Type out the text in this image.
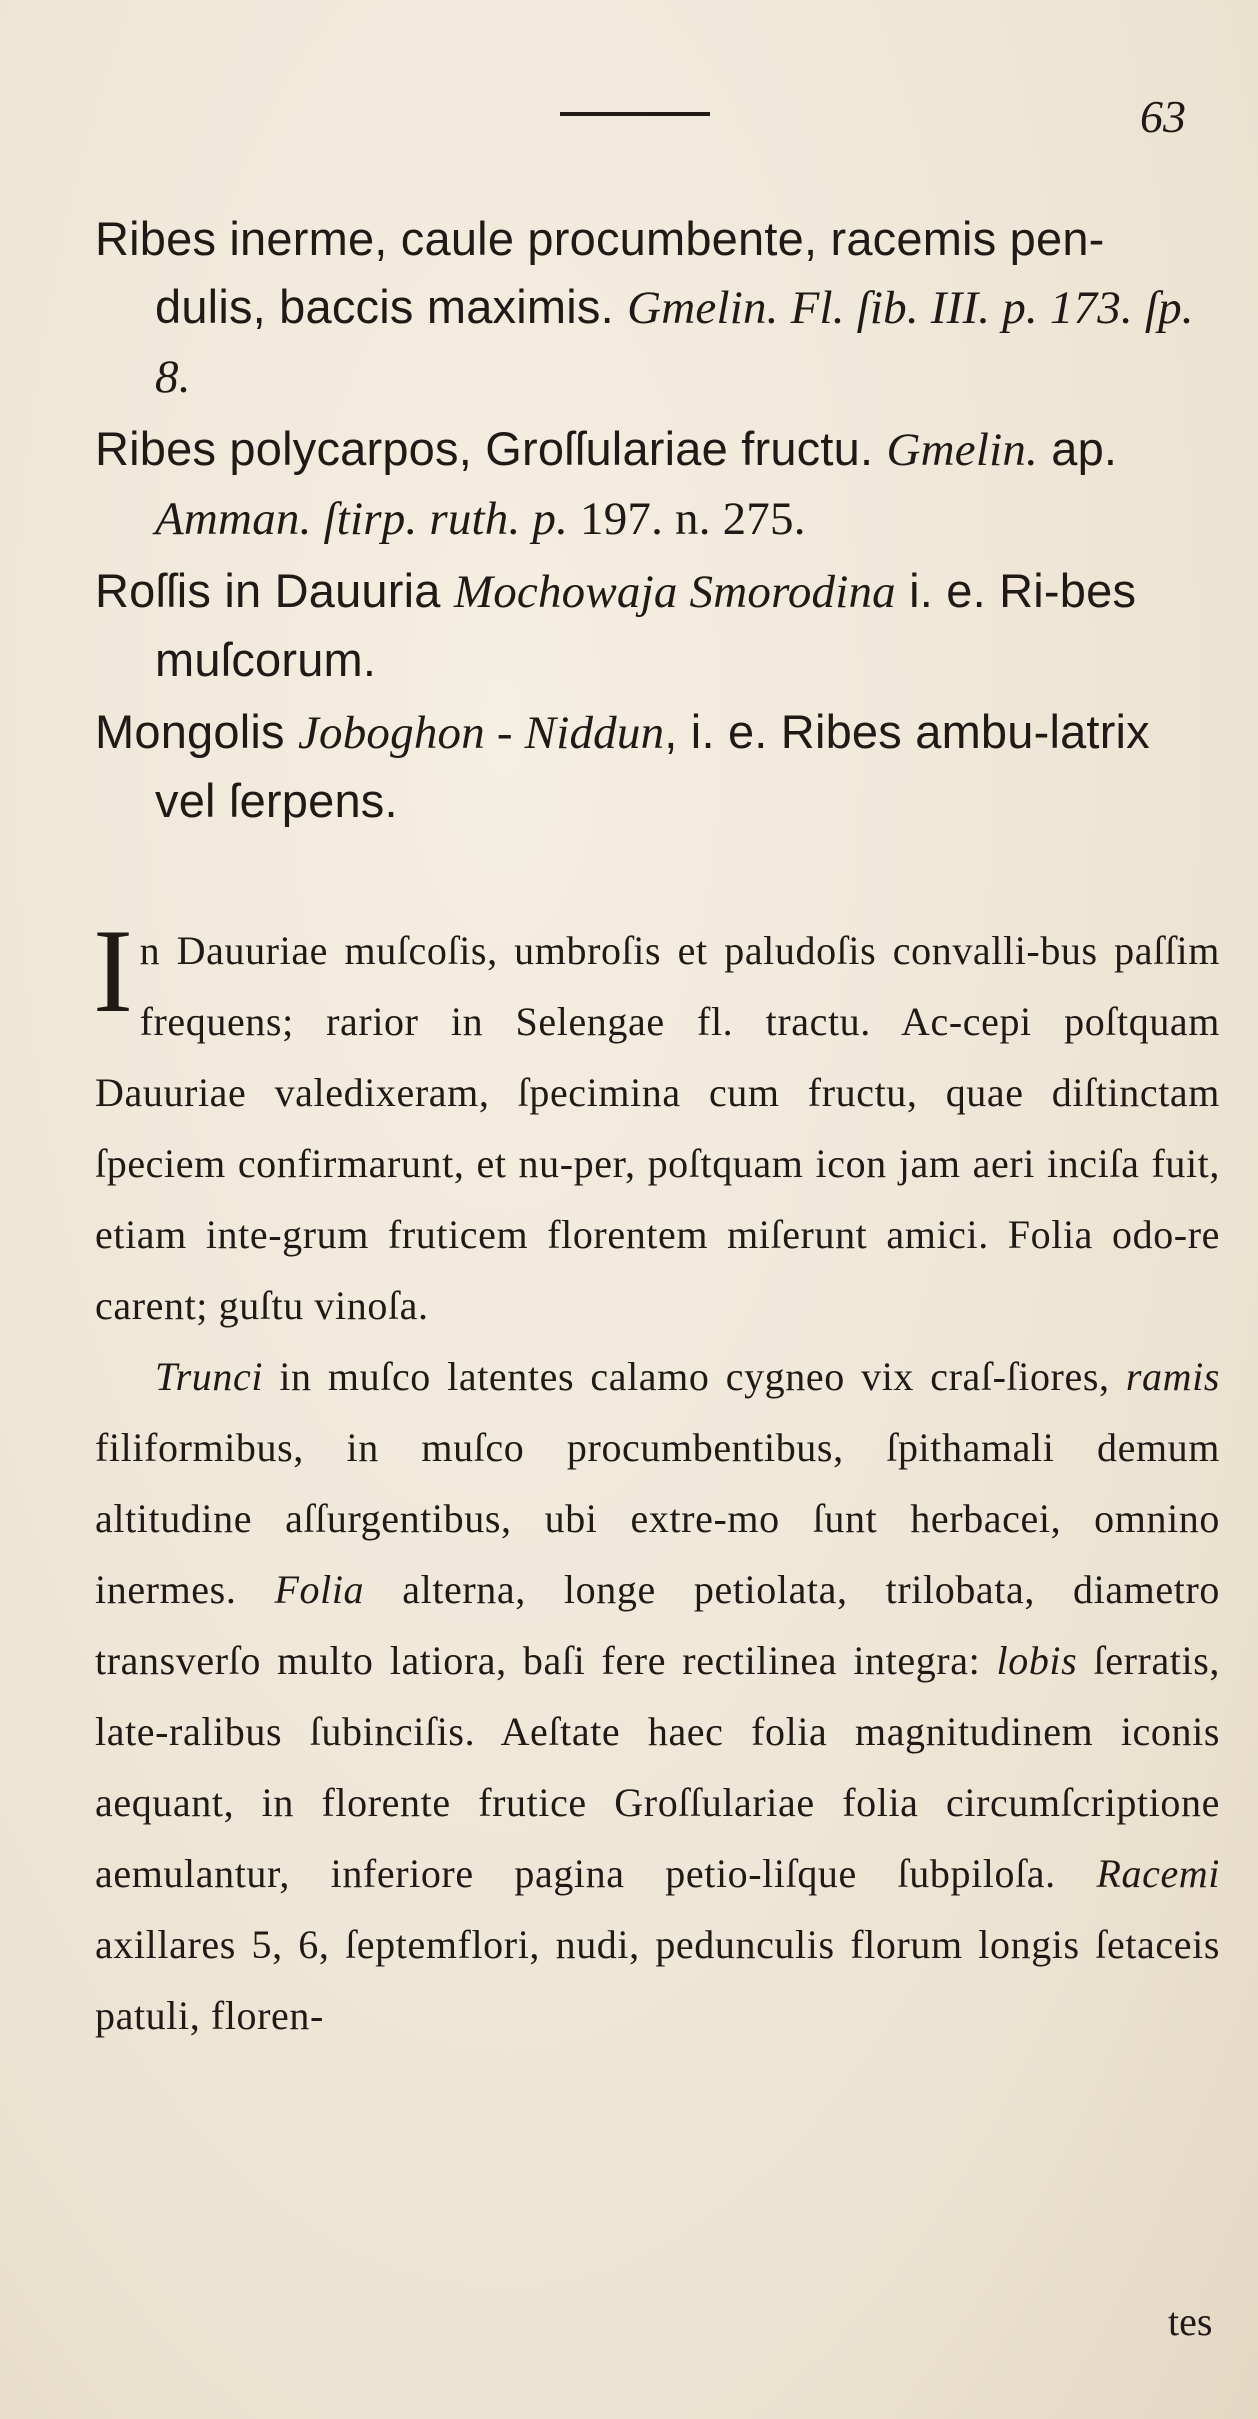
63

Ribes inerme, caule procumbente, racemis pen-dulis, baccis maximis. Gmelin. Fl. ſib. III. p. 173. ſp. 8.

Ribes polycarpos, Groſſulariae fructu. Gmelin. ap. Amman. ſtirp. ruth. p. 197. n. 275.

Roſſis in Dauuria Mochowaja Smorodina i. e. Ri-bes muſcorum.

Mongolis Joboghon - Niddun, i. e. Ribes ambu-latrix vel ſerpens.

In Dauuriae muſcoſis, umbroſis et paludoſis convalli-bus paſſim frequens; rarior in Selengae fl. tractu. Ac-cepi poſtquam Dauuriae valedixeram, ſpecimina cum fructu, quae diſtinctam ſpeciem confirmarunt, et nu-per, poſtquam icon jam aeri inciſa fuit, etiam inte-grum fruticem florentem miſerunt amici. Folia odo-re carent; guſtu vinoſa.

Trunci in muſco latentes calamo cygneo vix craſ-ſiores, ramis filiformibus, in muſco procumbentibus, ſpithamali demum altitudine aſſurgentibus, ubi extre-mo ſunt herbacei, omnino inermes. Folia alterna, longe petiolata, trilobata, diametro transverſo multo latiora, baſi fere rectilinea integra: lobis ſerratis, late-ralibus ſubinciſis. Aeſtate haec folia magnitudinem iconis aequant, in florente frutice Groſſulariae folia circumſcriptione aemulantur, inferiore pagina petio-liſque ſubpiloſa. Racemi axillares 5, 6, ſeptemflori, nudi, pedunculis florum longis ſetaceis patuli, floren-

tes
